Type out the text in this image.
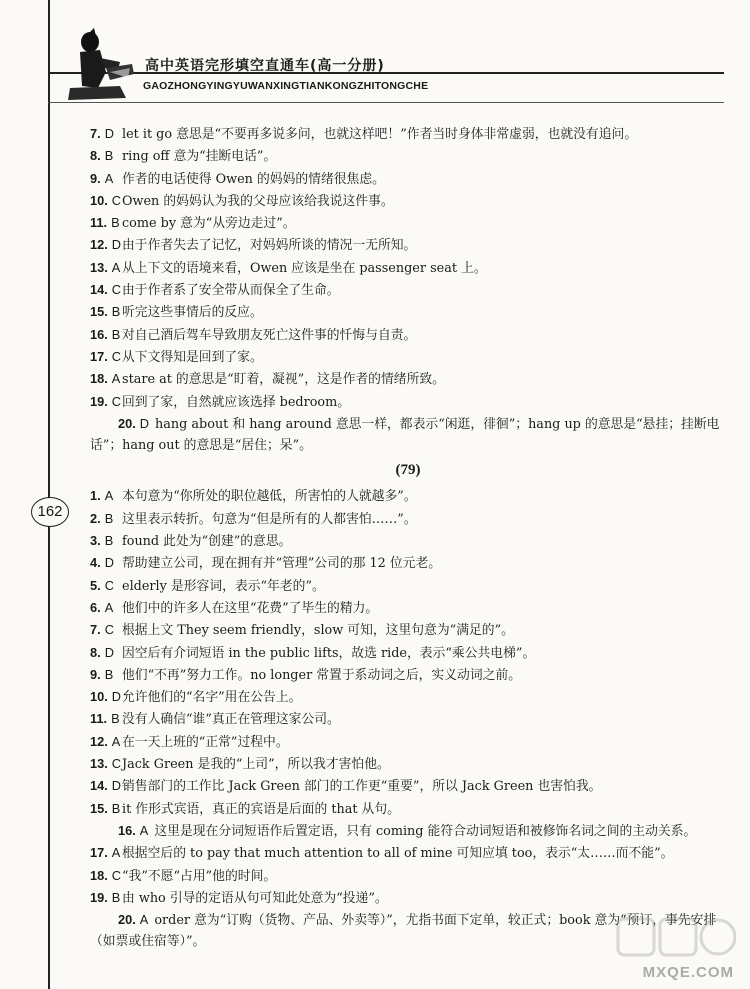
高中英语完形填空直通车(高一分册)
GAOZHONGYINGYUWANXINGTIANKONGZHITONGCHE
162

7. D let it go 意思是“不要再多说多问，也就这样吧！”作者当时身体非常虚弱，也就没有追问。

8. B ring off 意为“挂断电话”。

9. A 作者的电话使得 Owen 的妈妈的情绪很焦虑。

10. COwen 的妈妈认为我的父母应该给我说这件事。

11. B come by 意为“从旁边走过”。

12. D由于作者失去了记忆，对妈妈所谈的情况一无所知。

13. A 从上下文的语境来看，Owen 应该是坐在 passenger seat 上。

14. C由于作者系了安全带从而保全了生命。

15. B 听完这些事情后的反应。

16. B 对自己酒后驾车导致朋友死亡这件事的忏悔与自责。

17. C从下文得知是回到了家。

18. A stare at 的意思是“盯着，凝视”，这是作者的情绪所致。

19. C回到了家，自然就应该选择 bedroom。

20. D hang about 和 hang around 意思一样，都表示“闲逛，徘徊”；hang up 的意思是“悬挂；挂断电话”；hang out 的意思是“居住；呆”。

(79)

1. A 本句意为“你所处的职位越低，所害怕的人就越多”。

2. B 这里表示转折。句意为“但是所有的人都害怕……”。

3. B found 此处为“创建”的意思。

4. D 帮助建立公司，现在拥有并“管理”公司的那 12 位元老。

5. C elderly 是形容词，表示“年老的”。

6. A 他们中的许多人在这里“花费”了毕生的精力。

7. C 根据上文 They seem friendly，slow 可知，这里句意为“满足的”。

8. D 因空后有介词短语 in the public lifts，故选 ride，表示“乘公共电梯”。

9. B 他们“不再”努力工作。no longer 常置于系动词之后，实义动词之前。

10. D允许他们的“名字”用在公告上。

11. B 没有人确信“谁”真正在管理这家公司。

12. A 在一天上班的“正常”过程中。

13. CJack Green 是我的“上司”，所以我才害怕他。

14. D销售部门的工作比 Jack Green 部门的工作更“重要”，所以 Jack Green 也害怕我。

15. B it 作形式宾语，真正的宾语是后面的 that 从句。

16. A 这里是现在分词短语作后置定语，只有 coming 能符合动词短语和被修饰名词之间的主动关系。

17. A 根据空后的 to pay that much attention to all of mine 可知应填 too，表示“太……而不能”。

18. C“我”不愿“占用”他的时间。

19. B 由 who 引导的定语从句可知此处意为“投递”。

20. A order 意为“订购（货物、产品、外卖等）”，尤指书面下定单，较正式；book 意为“预订，事先安排（如票或住宿等）”。

MXQE.COM
